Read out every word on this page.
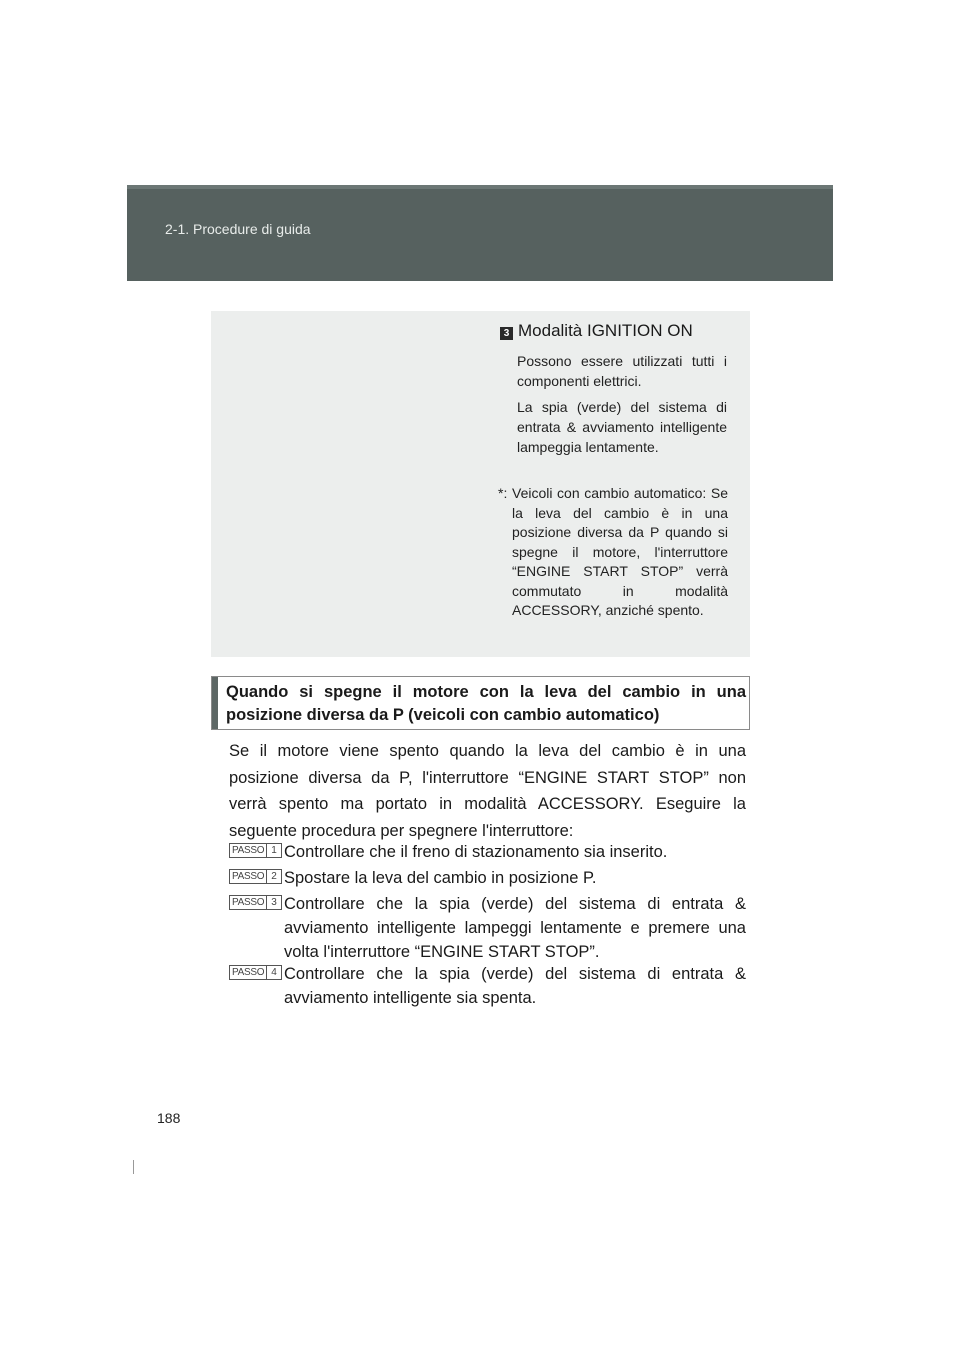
2-1. Procedure di guida
3 Modalità IGNITION ON
Possono essere utilizzati tutti i componenti elettrici.
La spia (verde) del sistema di entrata & avviamento intelligente lampeggia lentamente.
*: Veicoli con cambio automatico: Se la leva del cambio è in una posizione diversa da P quando si spegne il motore, l'interruttore “ENGINE START STOP” verrà commutato in modalità ACCESSORY, anziché spento.
Quando si spegne il motore con la leva del cambio in una posizione diversa da P (veicoli con cambio automatico)
Se il motore viene spento quando la leva del cambio è in una posizione diversa da P, l'interruttore “ENGINE START STOP” non verrà spento ma portato in modalità ACCESSORY. Eseguire la seguente procedura per spegnere l'interruttore:
PASSO 1 Controllare che il freno di stazionamento sia inserito.
PASSO 2 Spostare la leva del cambio in posizione P.
PASSO 3 Controllare che la spia (verde) del sistema di entrata & avviamento intelligente lampeggi lentamente e premere una volta l'interruttore “ENGINE START STOP”.
PASSO 4 Controllare che la spia (verde) del sistema di entrata & avviamento intelligente sia spenta.
188
